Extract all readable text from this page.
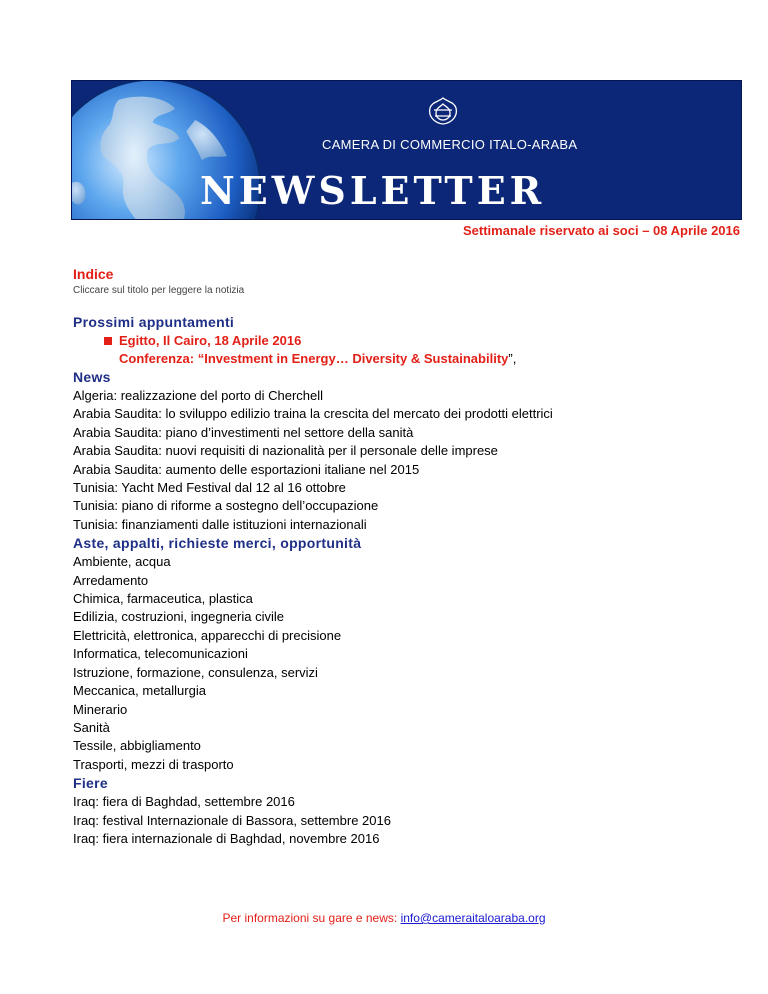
CAMERA DI COMMERCIO ITALO-ARABA
NEWSLETTER
Settimanale riservato ai soci – 08 Aprile 2016

Indice

Cliccare sul titolo per leggere la notizia

Prossimi appuntamenti
Egitto, Il Cairo, 18 Aprile 2016
Conferenza: “Investment in Energy… Diversity & Sustainability”,
News
Algeria: realizzazione del porto di Cherchell
Arabia Saudita: lo sviluppo edilizio traina la crescita del mercato dei prodotti elettrici
Arabia Saudita: piano d’investimenti nel settore della sanità
Arabia Saudita: nuovi requisiti di nazionalità per il personale delle imprese
Arabia Saudita: aumento delle esportazioni italiane nel 2015
Tunisia: Yacht Med Festival dal 12 al 16 ottobre
Tunisia: piano di riforme a sostegno dell’occupazione
Tunisia: finanziamenti dalle istituzioni internazionali
Aste, appalti, richieste merci, opportunità
Ambiente, acqua
Arredamento
Chimica, farmaceutica, plastica
Edilizia, costruzioni, ingegneria civile
Elettricità, elettronica, apparecchi di precisione
Informatica, telecomunicazioni
Istruzione, formazione, consulenza, servizi
Meccanica, metallurgia
Minerario
Sanità
Tessile, abbigliamento
Trasporti, mezzi di trasporto
Fiere
Iraq: fiera di Baghdad, settembre 2016
Iraq: festival Internazionale di Bassora, settembre 2016
Iraq: fiera internazionale di Baghdad, novembre 2016
Per informazioni su gare e news: info@cameraitaloaraba.org
